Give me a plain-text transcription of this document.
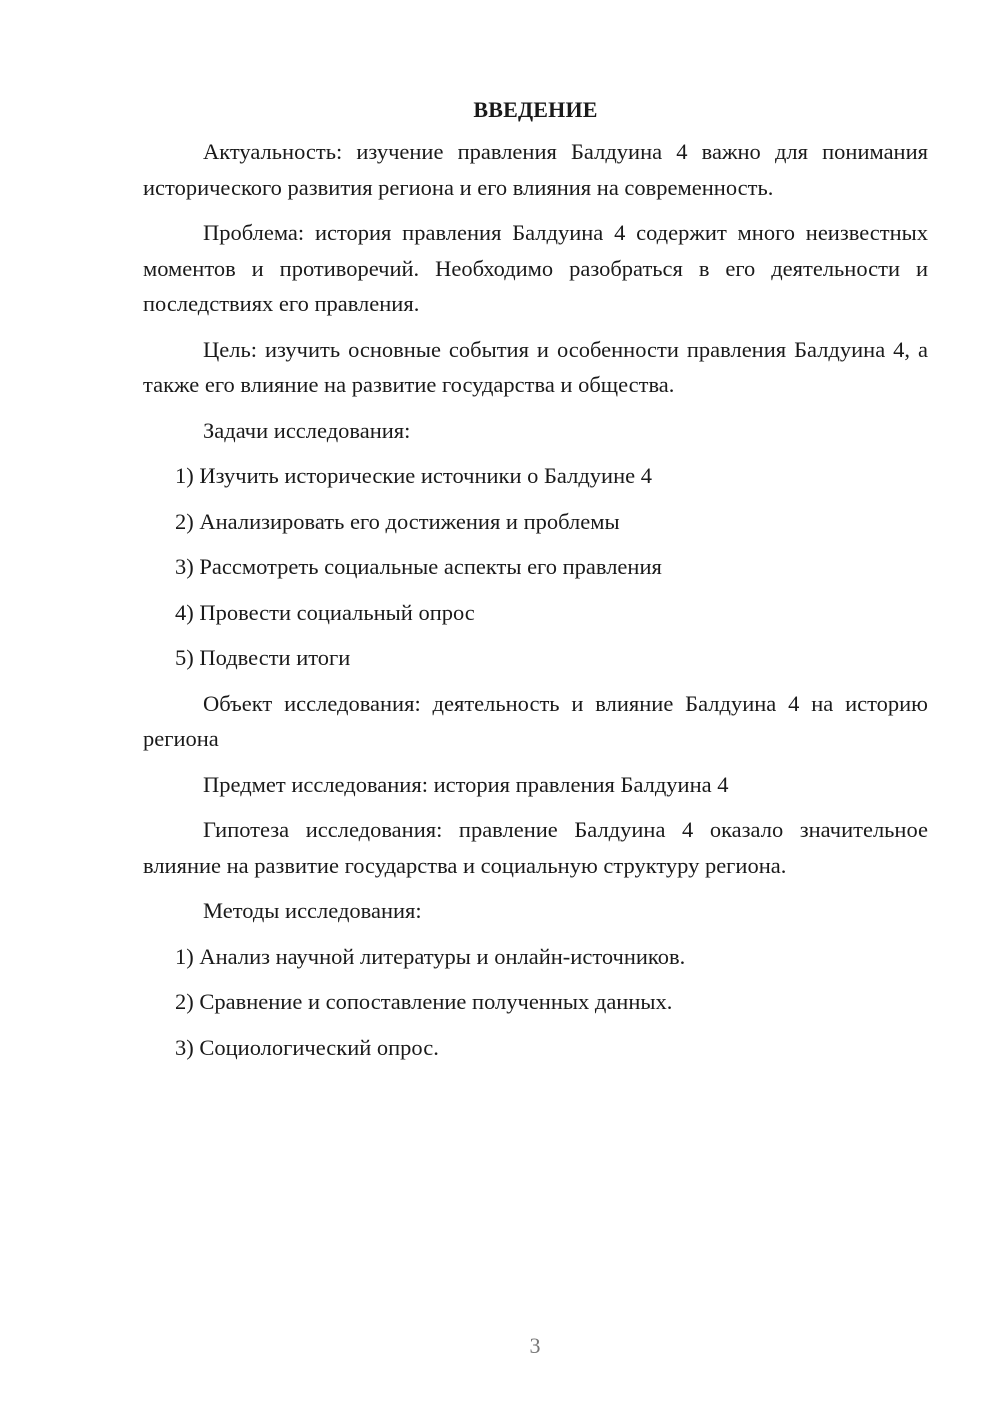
ВВЕДЕНИЕ

Актуальность: изучение правления Балдуина 4 важно для понимания исторического развития региона и его влияния на современность.

Проблема: история правления Балдуина 4 содержит много неизвестных моментов и противоречий. Необходимо разобраться в его деятельности и последствиях его правления.

Цель: изучить основные события и особенности правления Балдуина 4, а также его влияние на развитие государства и общества.

Задачи исследования:

1) Изучить исторические источники о Балдуине 4

2) Анализировать его достижения и проблемы

3) Рассмотреть социальные аспекты его правления

4) Провести социальный опрос

5) Подвести итоги

Объект исследования: деятельность и влияние Балдуина 4 на историю региона

Предмет исследования: история правления Балдуина 4

Гипотеза исследования: правление Балдуина 4 оказало значительное влияние на развитие государства и социальную структуру региона.

Методы исследования:

1) Анализ научной литературы и онлайн-источников.

2) Сравнение и сопоставление полученных данных.

3) Социологический опрос.

3
